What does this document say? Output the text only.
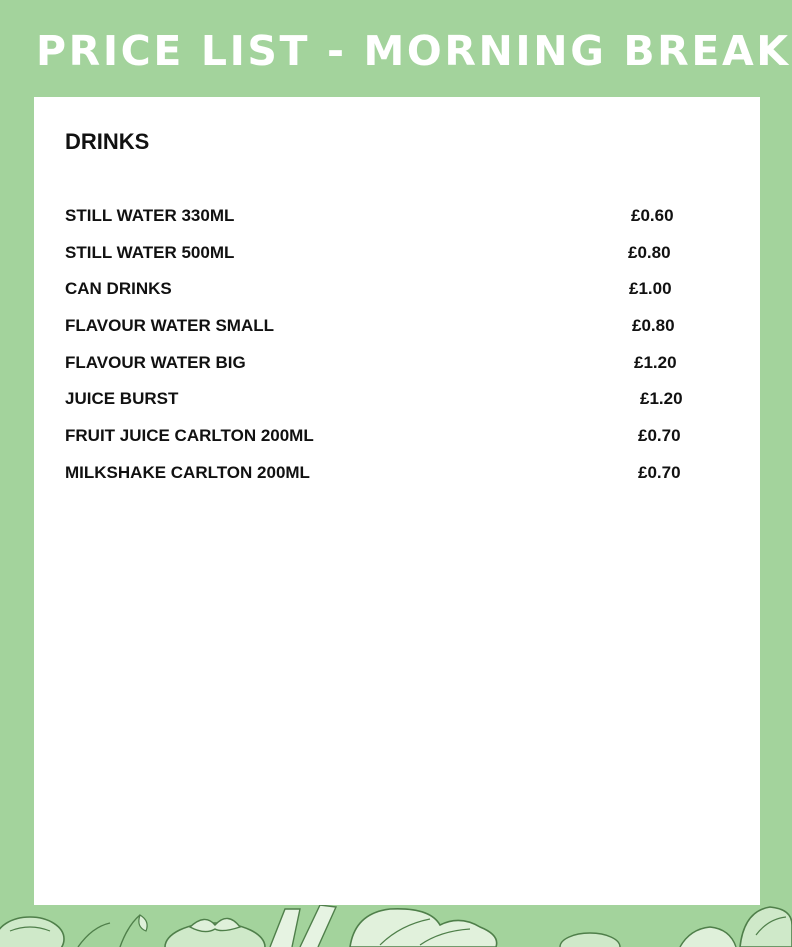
PRICE LIST - MORNING BREAK
DRINKS
STILL WATER 330ML	£0.60
STILL WATER 500ML	£0.80
CAN DRINKS	£1.00
FLAVOUR WATER SMALL	£0.80
FLAVOUR WATER BIG	£1.20
JUICE BURST	£1.20
FRUIT JUICE CARLTON 200ML	£0.70
MILKSHAKE CARLTON 200ML	£0.70
